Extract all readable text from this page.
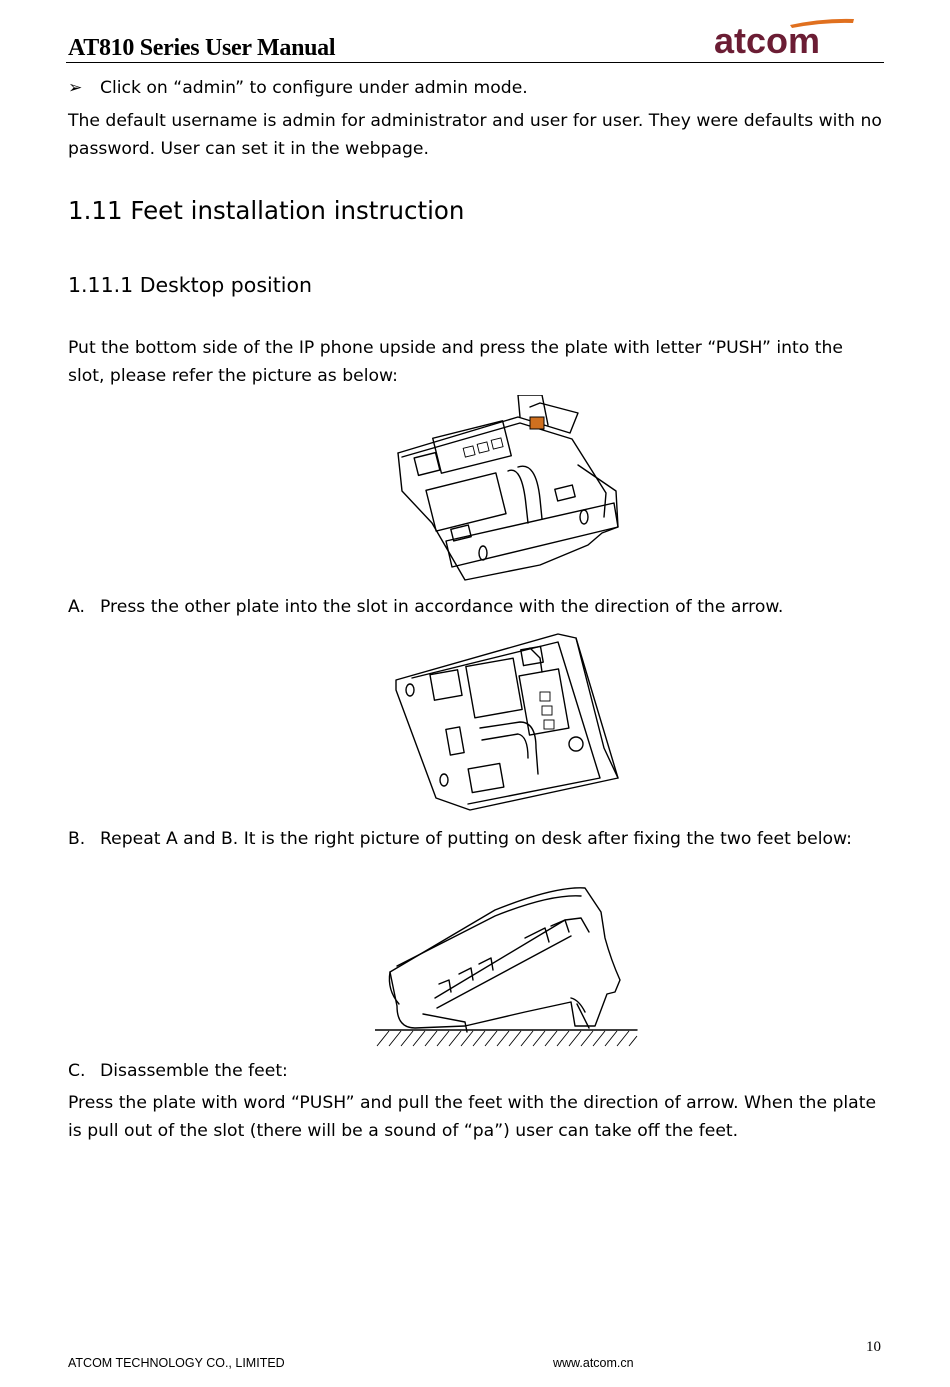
AT810 Series User Manual	atcom
➢ Click on “admin” to configure under admin mode.
The default username is admin for administrator and user for user. They were defaults with no password. User can set it in the webpage.
1.11 Feet installation instruction
1.11.1 Desktop position
Put the bottom side of the IP phone upside and press the plate with letter “PUSH” into the slot, please refer the picture as below:
A. Press the other plate into the slot in accordance with the direction of the arrow.
B. Repeat A and B. It is the right picture of putting on desk after fixing the two feet below:
C. Disassemble the feet:
Press the plate with word “PUSH” and pull the feet with the direction of arrow. When the plate is pull out of the slot (there will be a sound of “pa”) user can take off the feet.
10
ATCOM TECHNOLOGY CO., LIMITED	www.atcom.cn
